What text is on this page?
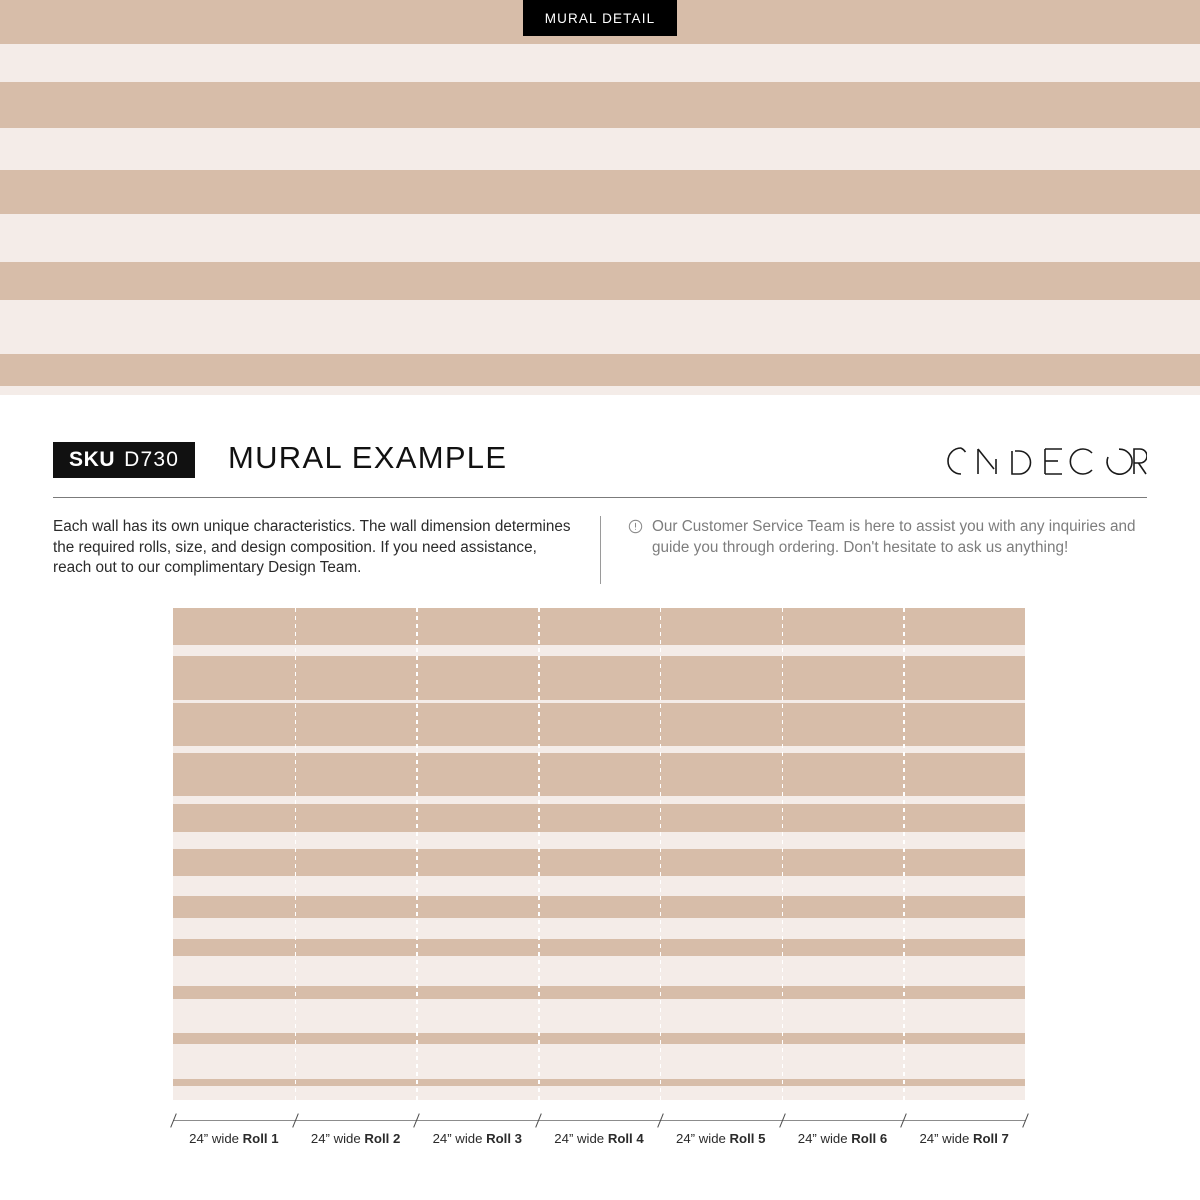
MURAL DETAIL
SKU D730 MURAL EXAMPLE
Each wall has its own unique characteristics. The wall dimension determines the required rolls, size, and design composition. If you need assistance, reach out to our complimentary Design Team.
Our Customer Service Team is here to assist you with any inquiries and guide you through ordering. Don't hesitate to ask us anything!
24” wide Roll 1	24” wide Roll 2	24” wide Roll 3	24” wide Roll 4	24” wide Roll 5	24” wide Roll 6	24” wide Roll 7
